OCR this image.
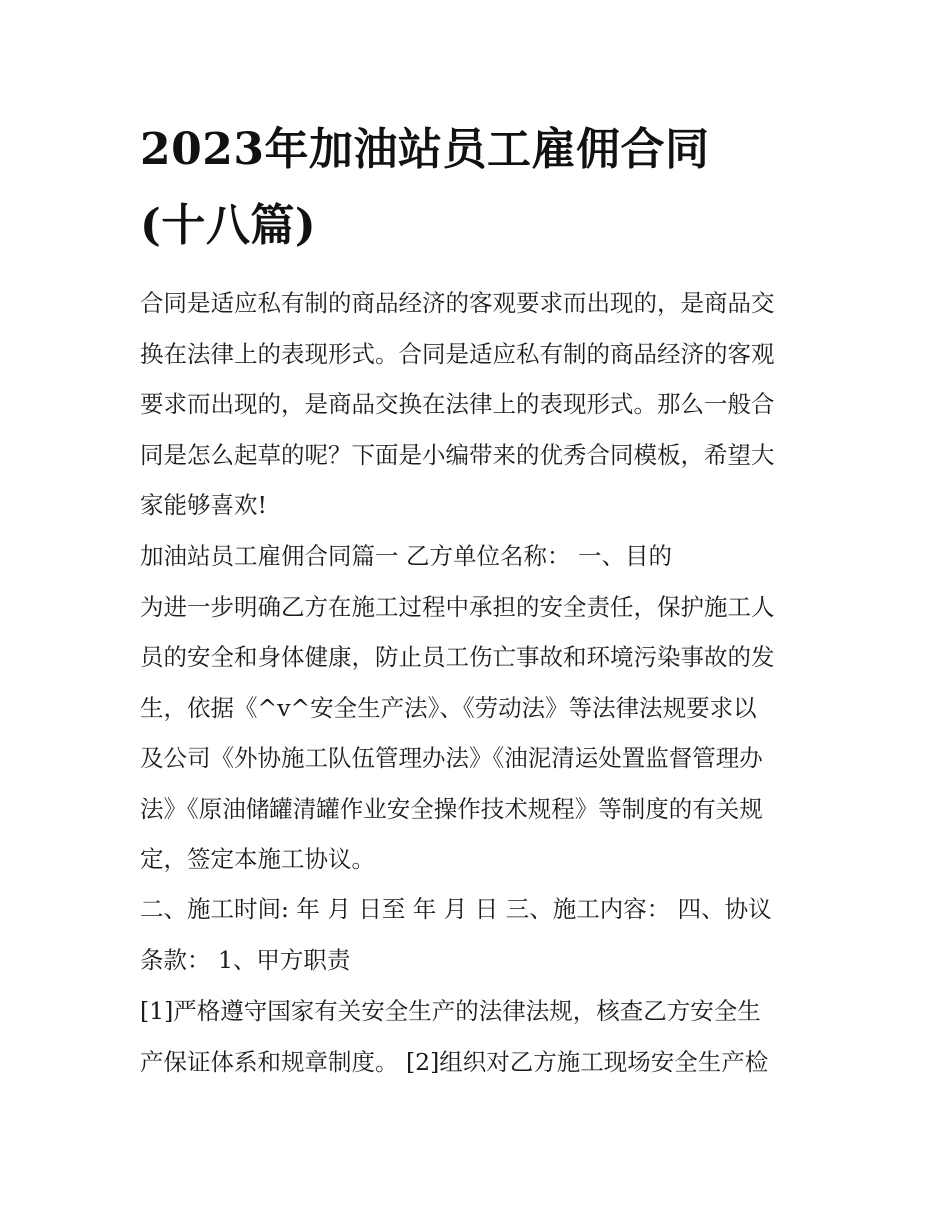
2023年加油站员工雇佣合同
(十八篇)
合同是适应私有制的商品经济的客观要求而出现的，是商品交
换在法律上的表现形式。合同是适应私有制的商品经济的客观
要求而出现的，是商品交换在法律上的表现形式。那么一般合
同是怎么起草的呢？下面是小编带来的优秀合同模板，希望大
家能够喜欢!
加油站员工雇佣合同篇一 乙方单位名称： 一、目的
为进一步明确乙方在施工过程中承担的安全责任，保护施工人
员的安全和身体健康，防止员工伤亡事故和环境污染事故的发
生，依据《^v^安全生产法》、《劳动法》等法律法规要求以
及公司《外协施工队伍管理办法》《油泥清运处置监督管理办
法》《原油储罐清罐作业安全操作技术规程》等制度的有关规
定，签定本施工协议。
二、施工时间: 年 月 日至 年 月 日 三、施工内容： 四、协议
条款： 1、甲方职责
[1]严格遵守国家有关安全生产的法律法规，核查乙方安全生
产保证体系和规章制度。 [2]组织对乙方施工现场安全生产检
